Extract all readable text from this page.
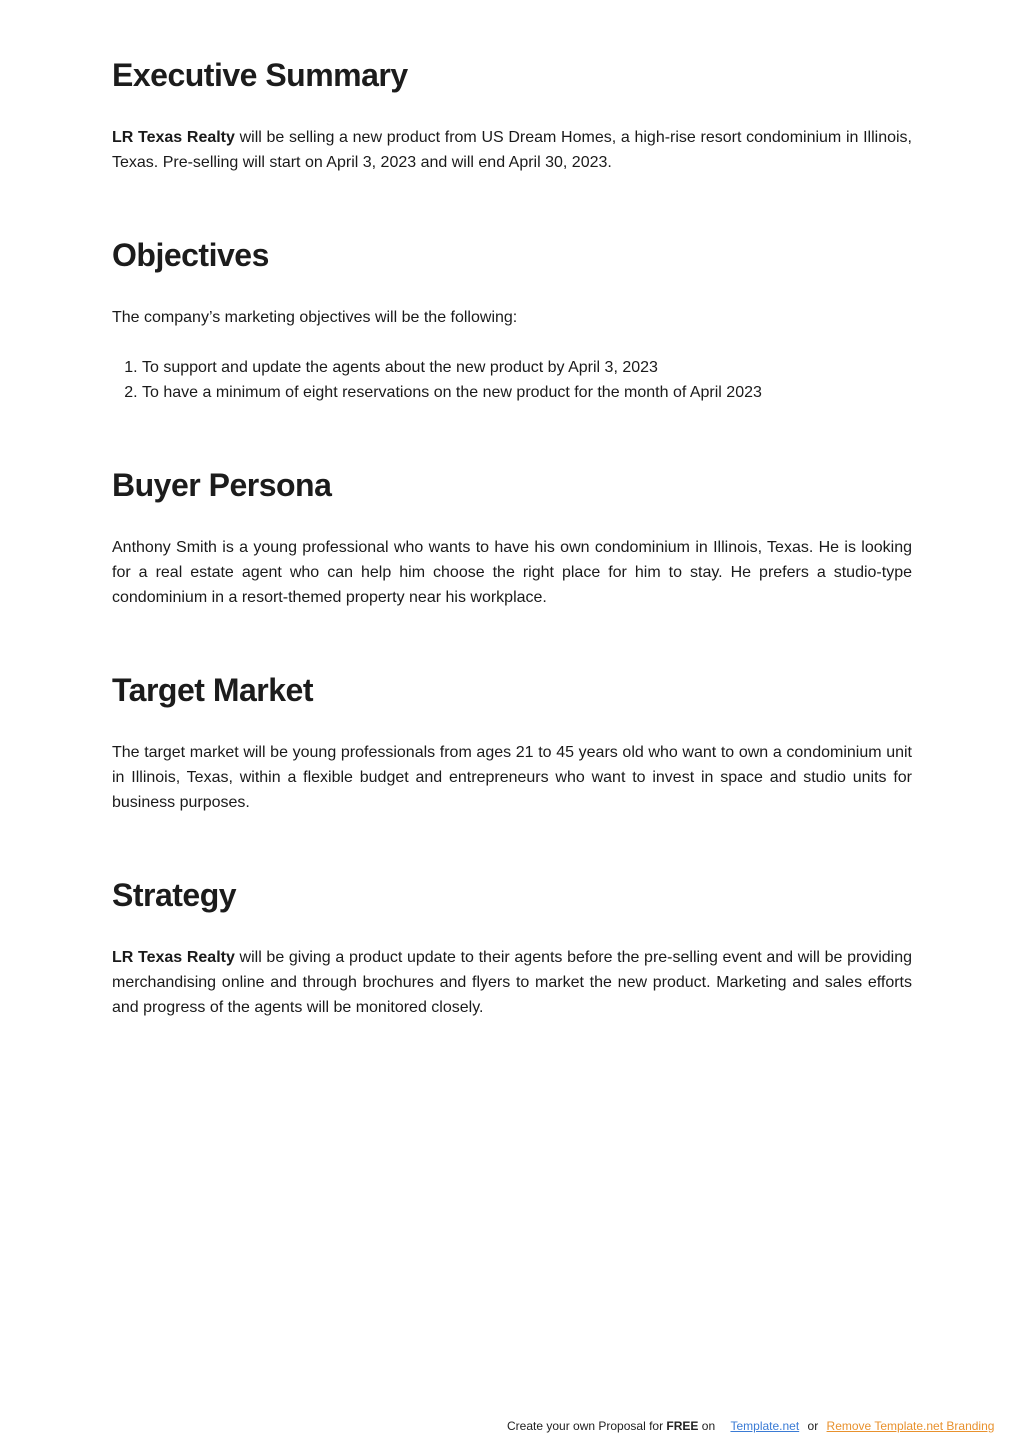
Executive Summary

LR Texas Realty will be selling a new product from US Dream Homes, a high-rise resort condominium in Illinois, Texas. Pre-selling will start on April 3, 2023 and will end April 30, 2023.

Objectives

The company’s marketing objectives will be the following:

1. To support and update the agents about the new product by April 3, 2023
2. To have a minimum of eight reservations on the new product for the month of April 2023
Buyer Persona

Anthony Smith is a young professional who wants to have his own condominium in Illinois, Texas. He is looking for a real estate agent who can help him choose the right place for him to stay. He prefers a studio-type condominium in a resort-themed property near his workplace.

Target Market

The target market will be young professionals from ages 21 to 45 years old who want to own a condominium unit in Illinois, Texas, within a flexible budget and entrepreneurs who want to invest in space and studio units for business purposes.

Strategy

LR Texas Realty will be giving a product update to their agents before the pre-selling event and will be providing merchandising online and through brochures and flyers to market the new product. Marketing and sales efforts and progress of the agents will be monitored closely.

Create your own Proposal for FREE on Template.net or Remove Template.net Branding
